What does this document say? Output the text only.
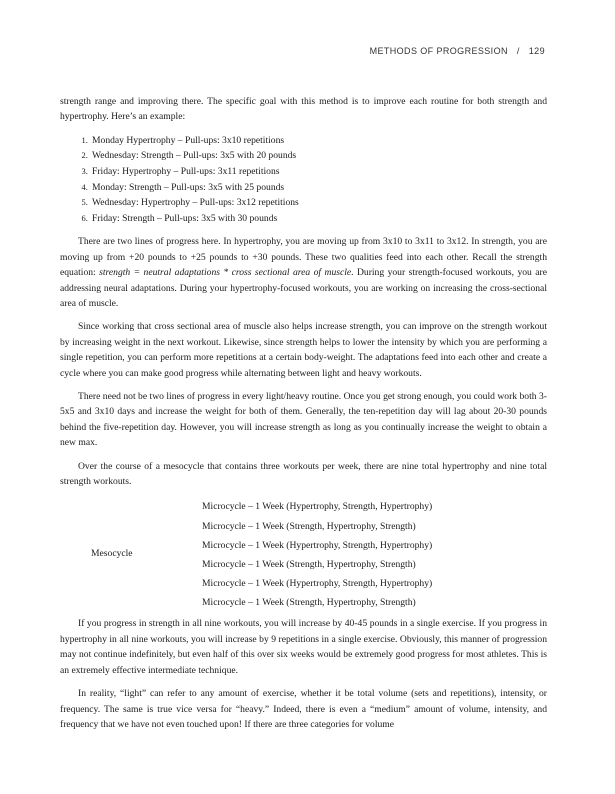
METHODS OF PROGRESSION / 129

strength range and improving there. The specific goal with this method is to improve each routine for both strength and hypertrophy. Here’s an example:

1. Monday Hypertrophy – Pull-ups: 3x10 repetitions
2. Wednesday: Strength – Pull-ups: 3x5 with 20 pounds
3. Friday: Hypertrophy – Pull-ups: 3x11 repetitions
4. Monday: Strength – Pull-ups: 3x5 with 25 pounds
5. Wednesday: Hypertrophy – Pull-ups: 3x12 repetitions
6. Friday: Strength – Pull-ups: 3x5 with 30 pounds

There are two lines of progress here. In hypertrophy, you are moving up from 3x10 to 3x11 to 3x12. In strength, you are moving up from +20 pounds to +25 pounds to +30 pounds. These two qualities feed into each other. Recall the strength equation: strength = neutral adaptations * cross sectional area of muscle. During your strength-focused workouts, you are addressing neural adaptations. During your hypertrophy-focused workouts, you are working on increasing the cross-sectional area of muscle.

Since working that cross sectional area of muscle also helps increase strength, you can improve on the strength workout by increasing weight in the next workout. Likewise, since strength helps to lower the intensity by which you are performing a single repetition, you can perform more repetitions at a certain body-weight. The adaptations feed into each other and create a cycle where you can make good progress while alternating between light and heavy workouts.

There need not be two lines of progress in every light/heavy routine. Once you get strong enough, you could work both 3-5x5 and 3x10 days and increase the weight for both of them. Generally, the ten-repetition day will lag about 20-30 pounds behind the five-repetition day. However, you will increase strength as long as you continually increase the weight to obtain a new max.

Over the course of a mesocycle that contains three workouts per week, there are nine total hypertrophy and nine total strength workouts.

Mesocycle
Microcycle – 1 Week (Hypertrophy, Strength, Hypertrophy)
Microcycle – 1 Week (Strength, Hypertrophy, Strength)
Microcycle – 1 Week (Hypertrophy, Strength, Hypertrophy)
Microcycle – 1 Week (Strength, Hypertrophy, Strength)
Microcycle – 1 Week (Hypertrophy, Strength, Hypertrophy)
Microcycle – 1 Week (Strength, Hypertrophy, Strength)

If you progress in strength in all nine workouts, you will increase by 40-45 pounds in a single exercise. If you progress in hypertrophy in all nine workouts, you will increase by 9 repetitions in a single exercise. Obviously, this manner of progression may not continue indefinitely, but even half of this over six weeks would be extremely good progress for most athletes. This is an extremely effective intermediate technique.

In reality, “light” can refer to any amount of exercise, whether it be total volume (sets and repetitions), intensity, or frequency. The same is true vice versa for “heavy.” Indeed, there is even a “medium” amount of volume, intensity, and frequency that we have not even touched upon! If there are three categories for volume
